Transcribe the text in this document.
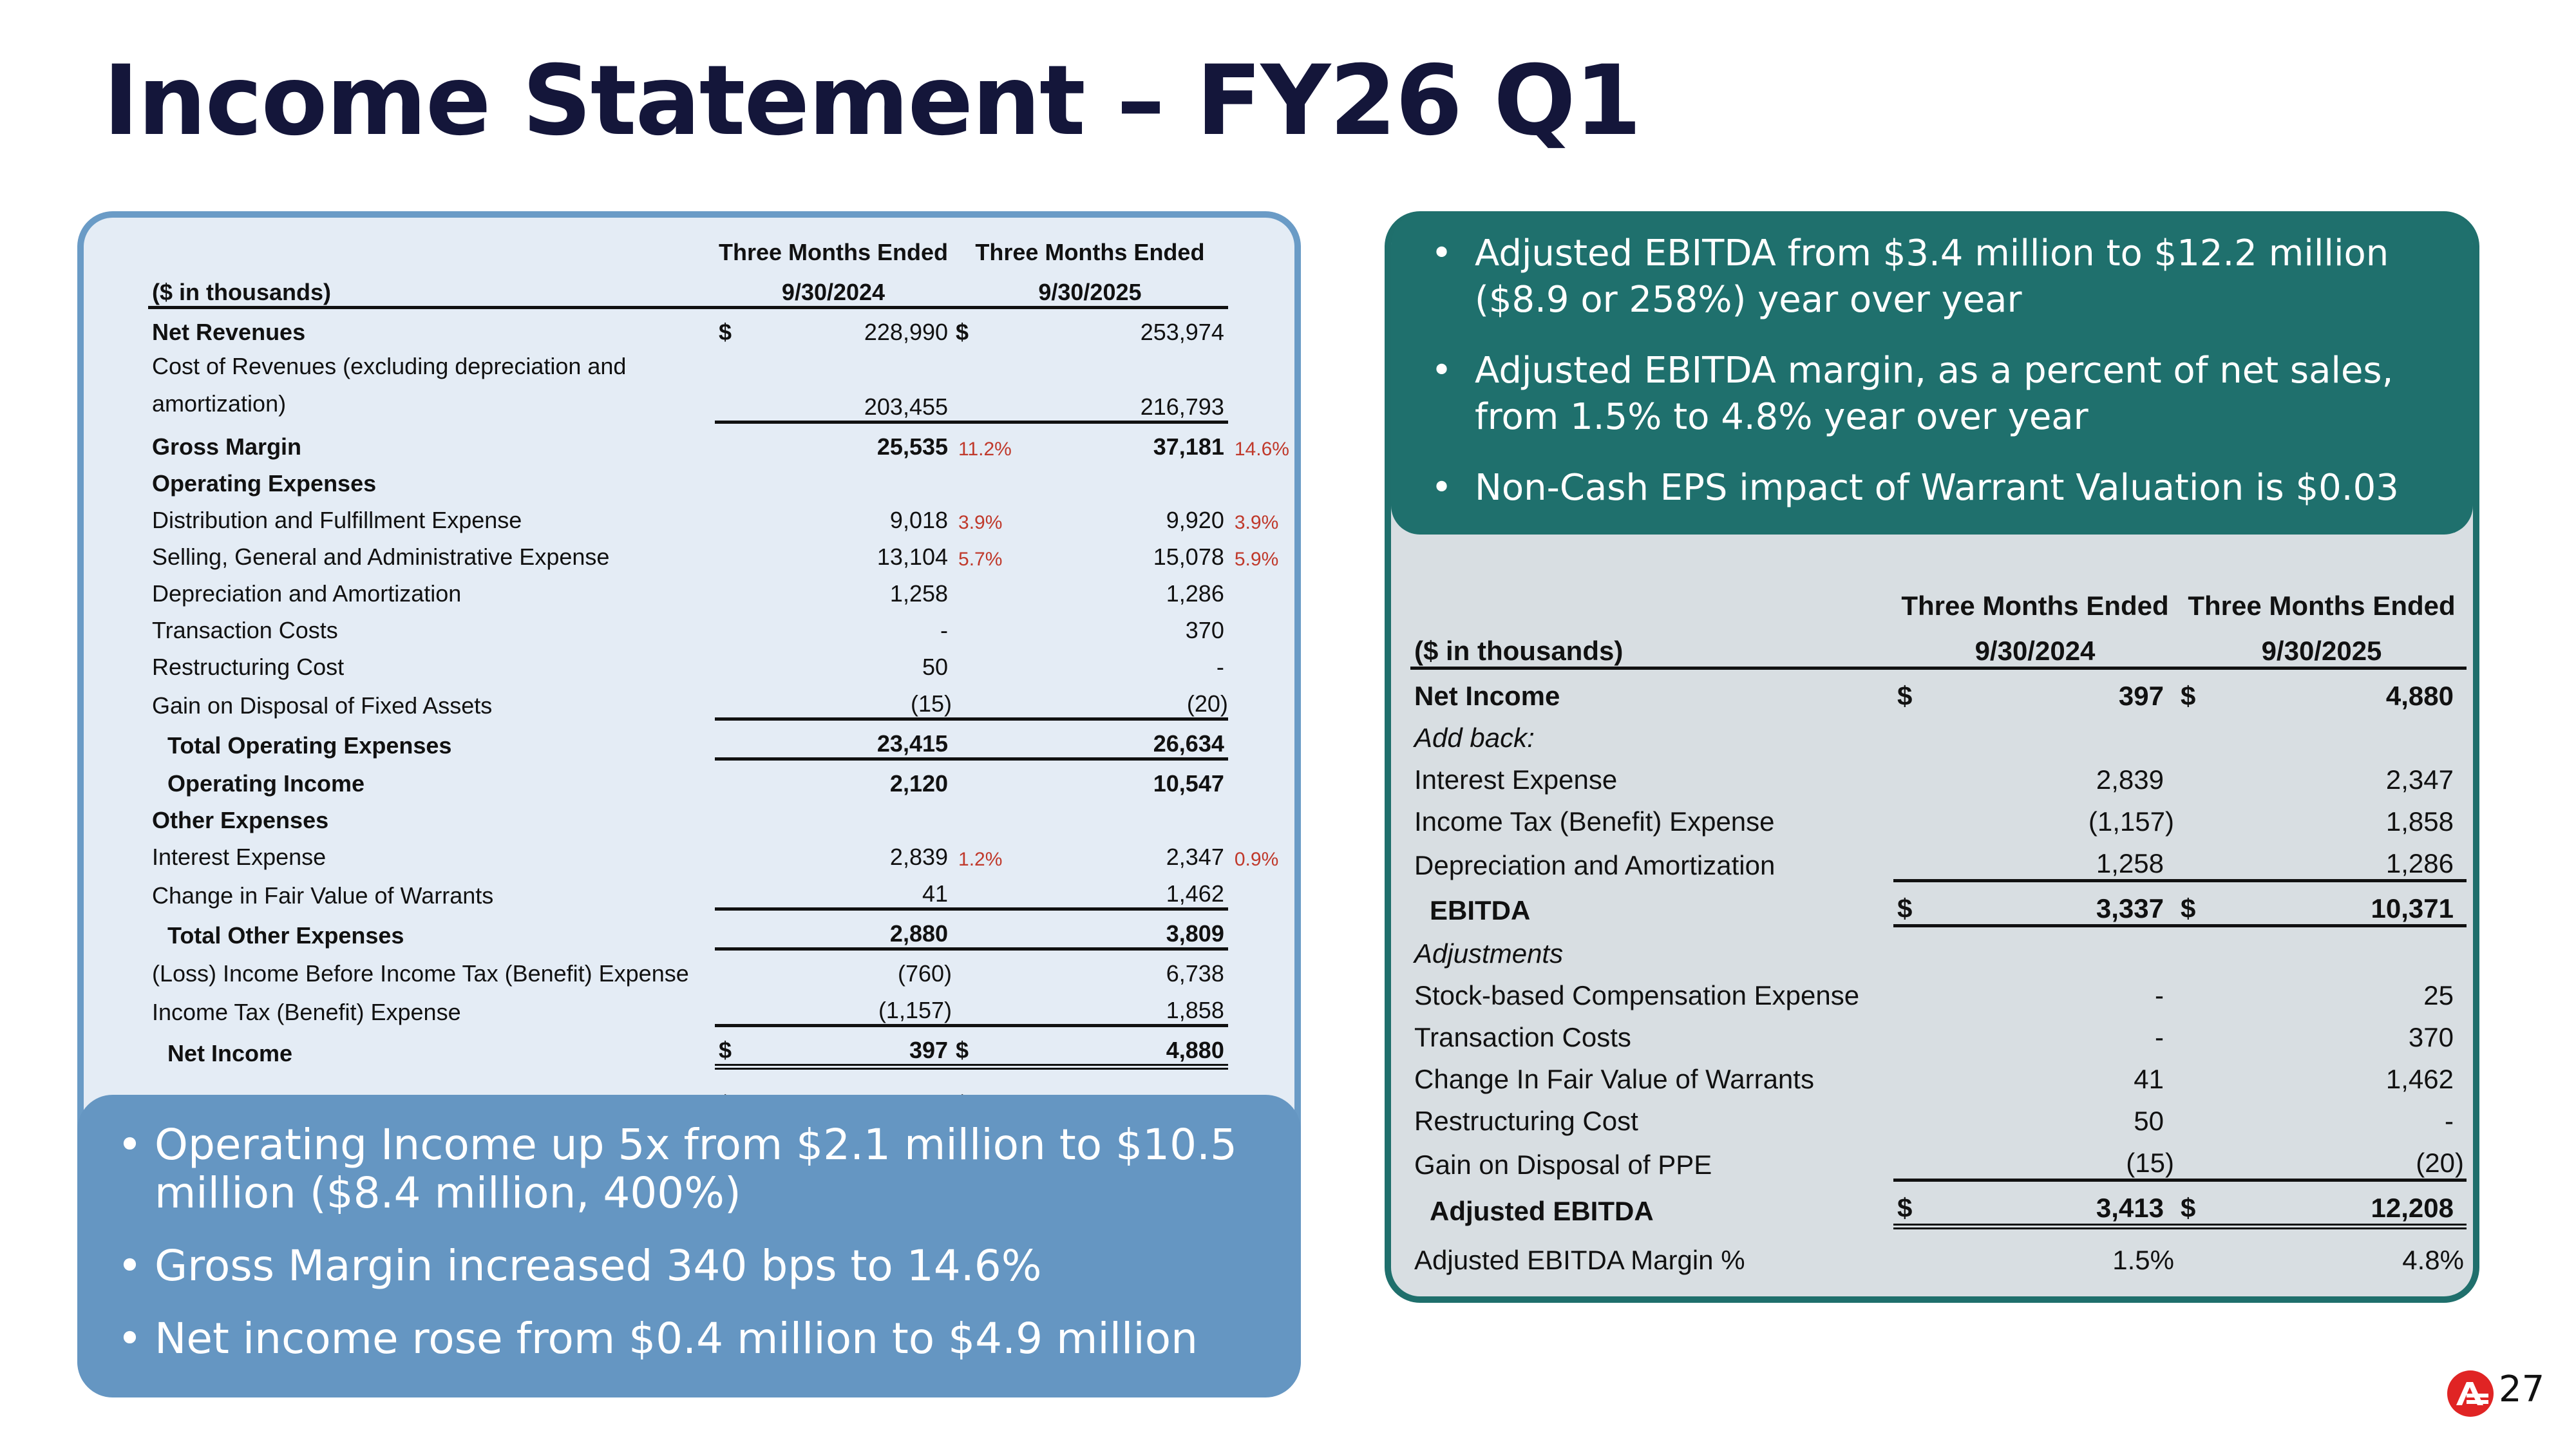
Income Statement – FY26 Q1
	Three Months Ended		Three Months Ended		
($ in thousands)	9/30/2024		9/30/2025		
Net Revenues	$	228,990	$	253,974	
Cost of Revenues (excluding depreciation and amortization)		203,455		216,793	
Gross Margin		25,535	11.2%	37,181	14.6%
Operating Expenses					
Distribution and Fulfillment Expense		9,018	3.9%	9,920	3.9%
Selling, General and Administrative Expense		13,104	5.7%	15,078	5.9%
Depreciation and Amortization		1,258		1,286	
Transaction Costs		-		370	
Restructuring Cost		50		-	
Gain on Disposal of Fixed Assets		(15)		(20)	
Total Operating Expenses		23,415		26,634	
Operating Income		2,120		10,547	
Other Expenses					
Interest Expense		2,839	1.2%	2,347	0.9%
Change in Fair Value of Warrants		41		1,462	
Total Other Expenses		2,880		3,809	
(Loss) Income Before Income Tax (Benefit) Expense		(760)		6,738	
Income Tax (Benefit) Expense		(1,157)		1,858	
Net Income	$	397	$	4,880	

• Operating Income up 5x from $2.1 million to $10.5 million ($8.4 million, 400%)
• Gross Margin increased 340 bps to 14.6%
• Net income rose from $0.4 million to $4.9 million
• Adjusted EBITDA from $3.4 million to $12.2 million ($8.9 or 258%) year over year
• Adjusted EBITDA margin, as a percent of net sales, from 1.5% to 4.8% year over year
• Non-Cash EPS impact of Warrant Valuation is $0.03
	Three Months Ended		Three Months Ended	
($ in thousands)	9/30/2024		9/30/2025	
Net Income	$	397	$	4,880
Add back:				
Interest Expense		2,839		2,347
Income Tax (Benefit) Expense		(1,157)		1,858
Depreciation and Amortization		1,258		1,286
EBITDA	$	3,337	$	10,371
Adjustments				
Stock-based Compensation Expense		-		25
Transaction Costs		-		370
Change In Fair Value of Warrants		41		1,462
Restructuring Cost		50		-
Gain on Disposal of PPE		(15)		(20)
Adjusted EBITDA	$	3,413	$	12,208
Adjusted EBITDA Margin %		1.5%		4.8%
27
